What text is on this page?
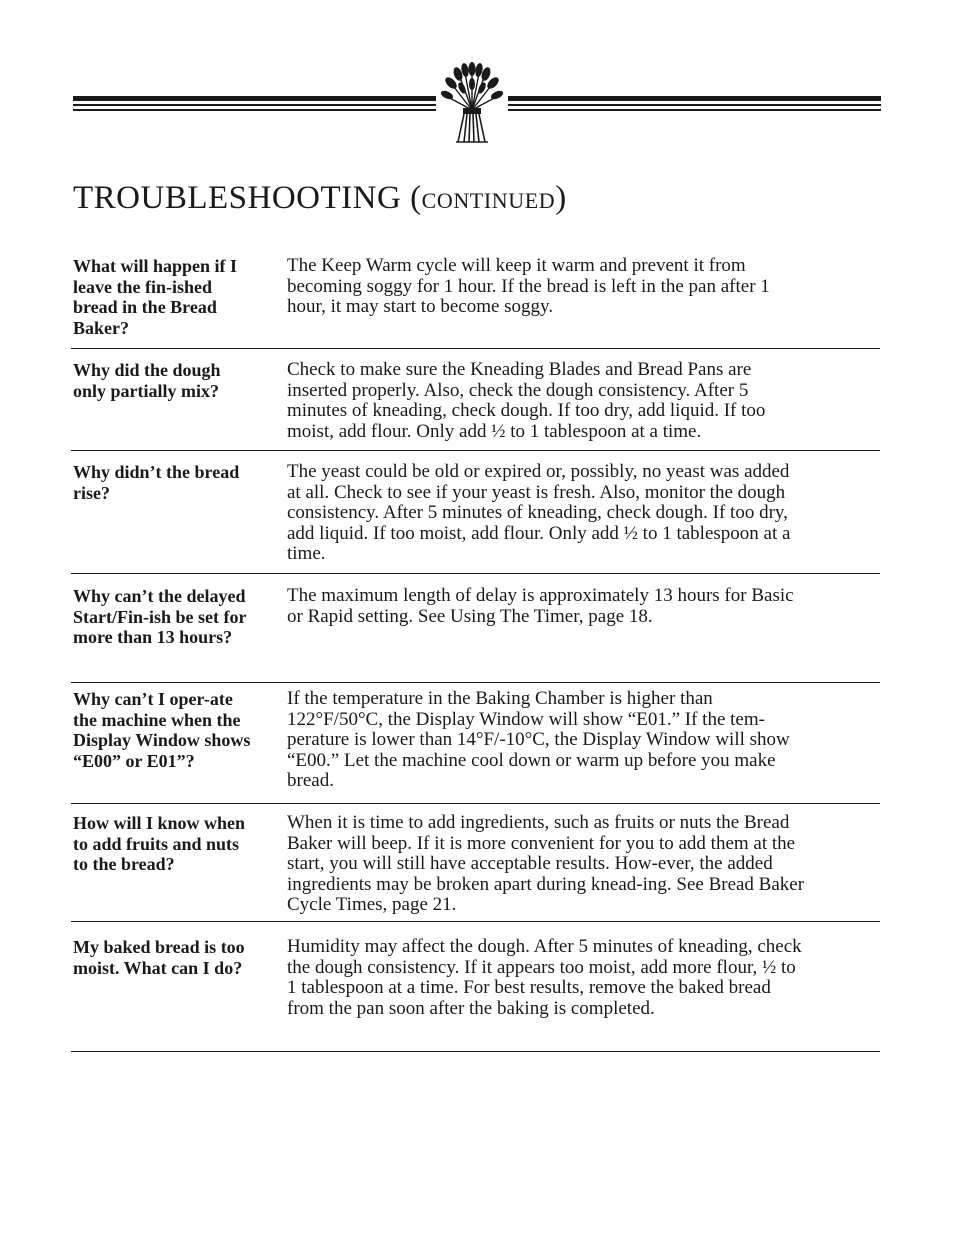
TROUBLESHOOTING (CONTINUED)

What will happen if I leave the fin-ished bread in the Bread Baker?

The Keep Warm cycle will keep it warm and prevent it from becoming soggy for 1 hour. If the bread is left in the pan after 1 hour, it may start to become soggy.

Why did the dough only partially mix?

Check to make sure the Kneading Blades and Bread Pans are inserted properly. Also, check the dough consistency. After 5 minutes of kneading, check dough. If too dry, add liquid. If too moist, add flour. Only add ½ to 1 tablespoon at a time.

Why didn’t the bread rise?

The yeast could be old or expired or, possibly, no yeast was added at all. Check to see if your yeast is fresh. Also, monitor the dough consistency. After 5 minutes of kneading, check dough. If too dry, add liquid. If too moist, add flour. Only add ½ to 1 tablespoon at a time.

Why can’t the delayed Start/Fin-ish be set for more than 13 hours?

The maximum length of delay is approximately 13 hours for Basic or Rapid setting. See Using The Timer, page 18.

Why can’t I oper-ate the machine when the Display Window shows “E00” or E01”?

If the temperature in the Baking Chamber is higher than 122°F/50°C, the Display Window will show “E01.” If the tem-perature is lower than 14°F/-10°C, the Display Window will show “E00.” Let the machine cool down or warm up before you make bread.

How will I know when to add fruits and nuts to the bread?

When it is time to add ingredients, such as fruits or nuts the Bread Baker will beep. If it is more convenient for you to add them at the start, you will still have acceptable results. How-ever, the added ingredients may be broken apart during knead-ing. See Bread Baker Cycle Times, page 21.

My baked bread is too moist. What can I do?

Humidity may affect the dough. After 5 minutes of kneading, check the dough consistency. If it appears too moist, add more flour, ½ to 1 tablespoon at a time. For best results, remove the baked bread from the pan soon after the baking is completed.
